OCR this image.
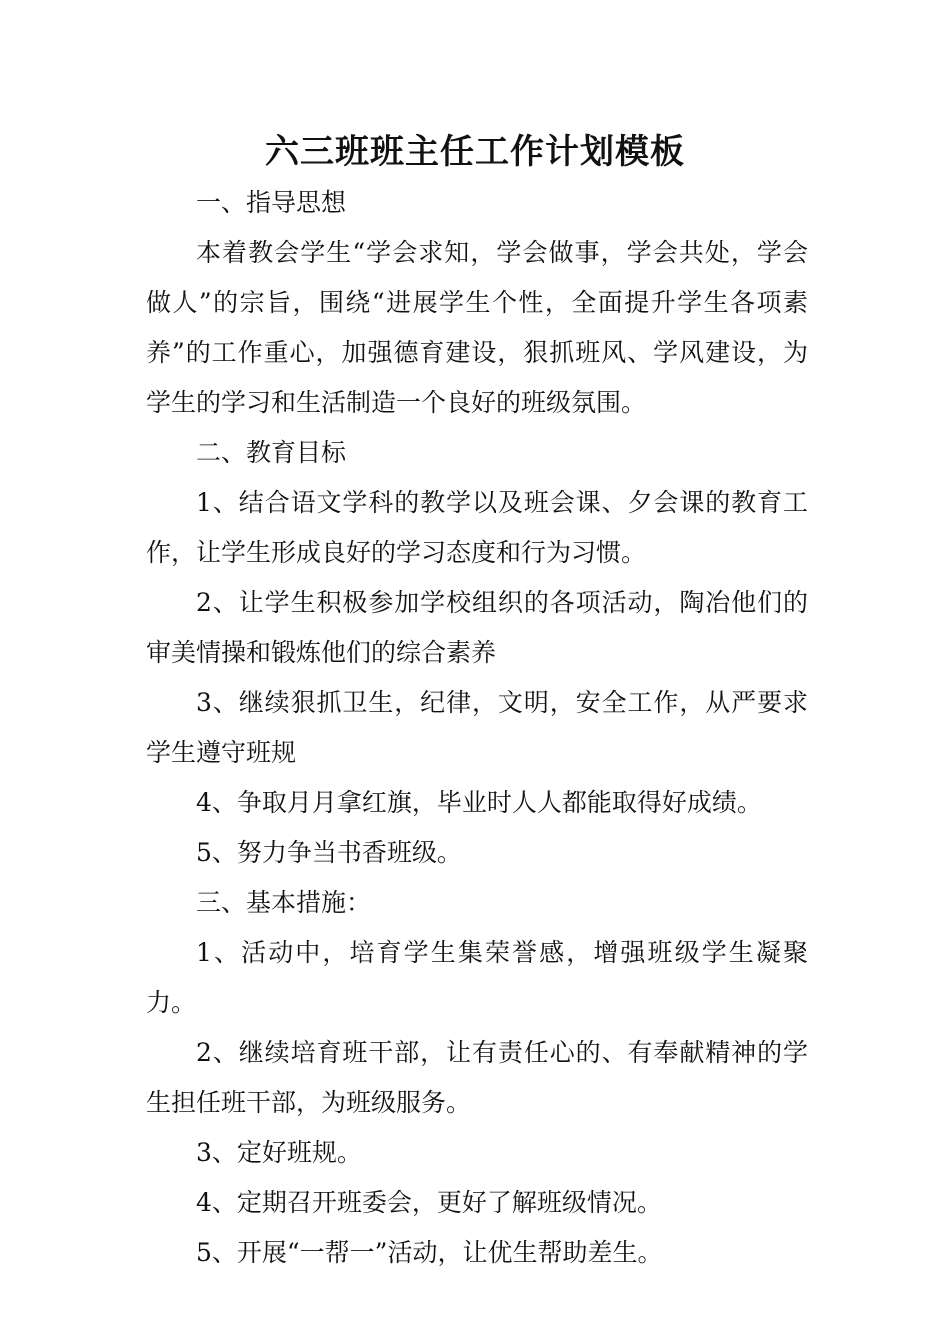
六三班班主任工作计划模板

一、指导思想

本着教会学生“学会求知，学会做事，学会共处，学会做人”的宗旨，围绕“进展学生个性，全面提升学生各项素养”的工作重心，加强德育建设，狠抓班风、学风建设，为学生的学习和生活制造一个良好的班级氛围。

二、教育目标

1、结合语文学科的教学以及班会课、夕会课的教育工作，让学生形成良好的学习态度和行为习惯。

2、让学生积极参加学校组织的各项活动，陶冶他们的审美情操和锻炼他们的综合素养

3、继续狠抓卫生，纪律，文明，安全工作，从严要求学生遵守班规

4、争取月月拿红旗，毕业时人人都能取得好成绩。

5、努力争当书香班级。

三、基本措施：

1、活动中，培育学生集荣誉感，增强班级学生凝聚力。

2、继续培育班干部，让有责任心的、有奉献精神的学生担任班干部，为班级服务。

3、定好班规。

4、定期召开班委会，更好了解班级情况。

5、开展“一帮一”活动，让优生帮助差生。
